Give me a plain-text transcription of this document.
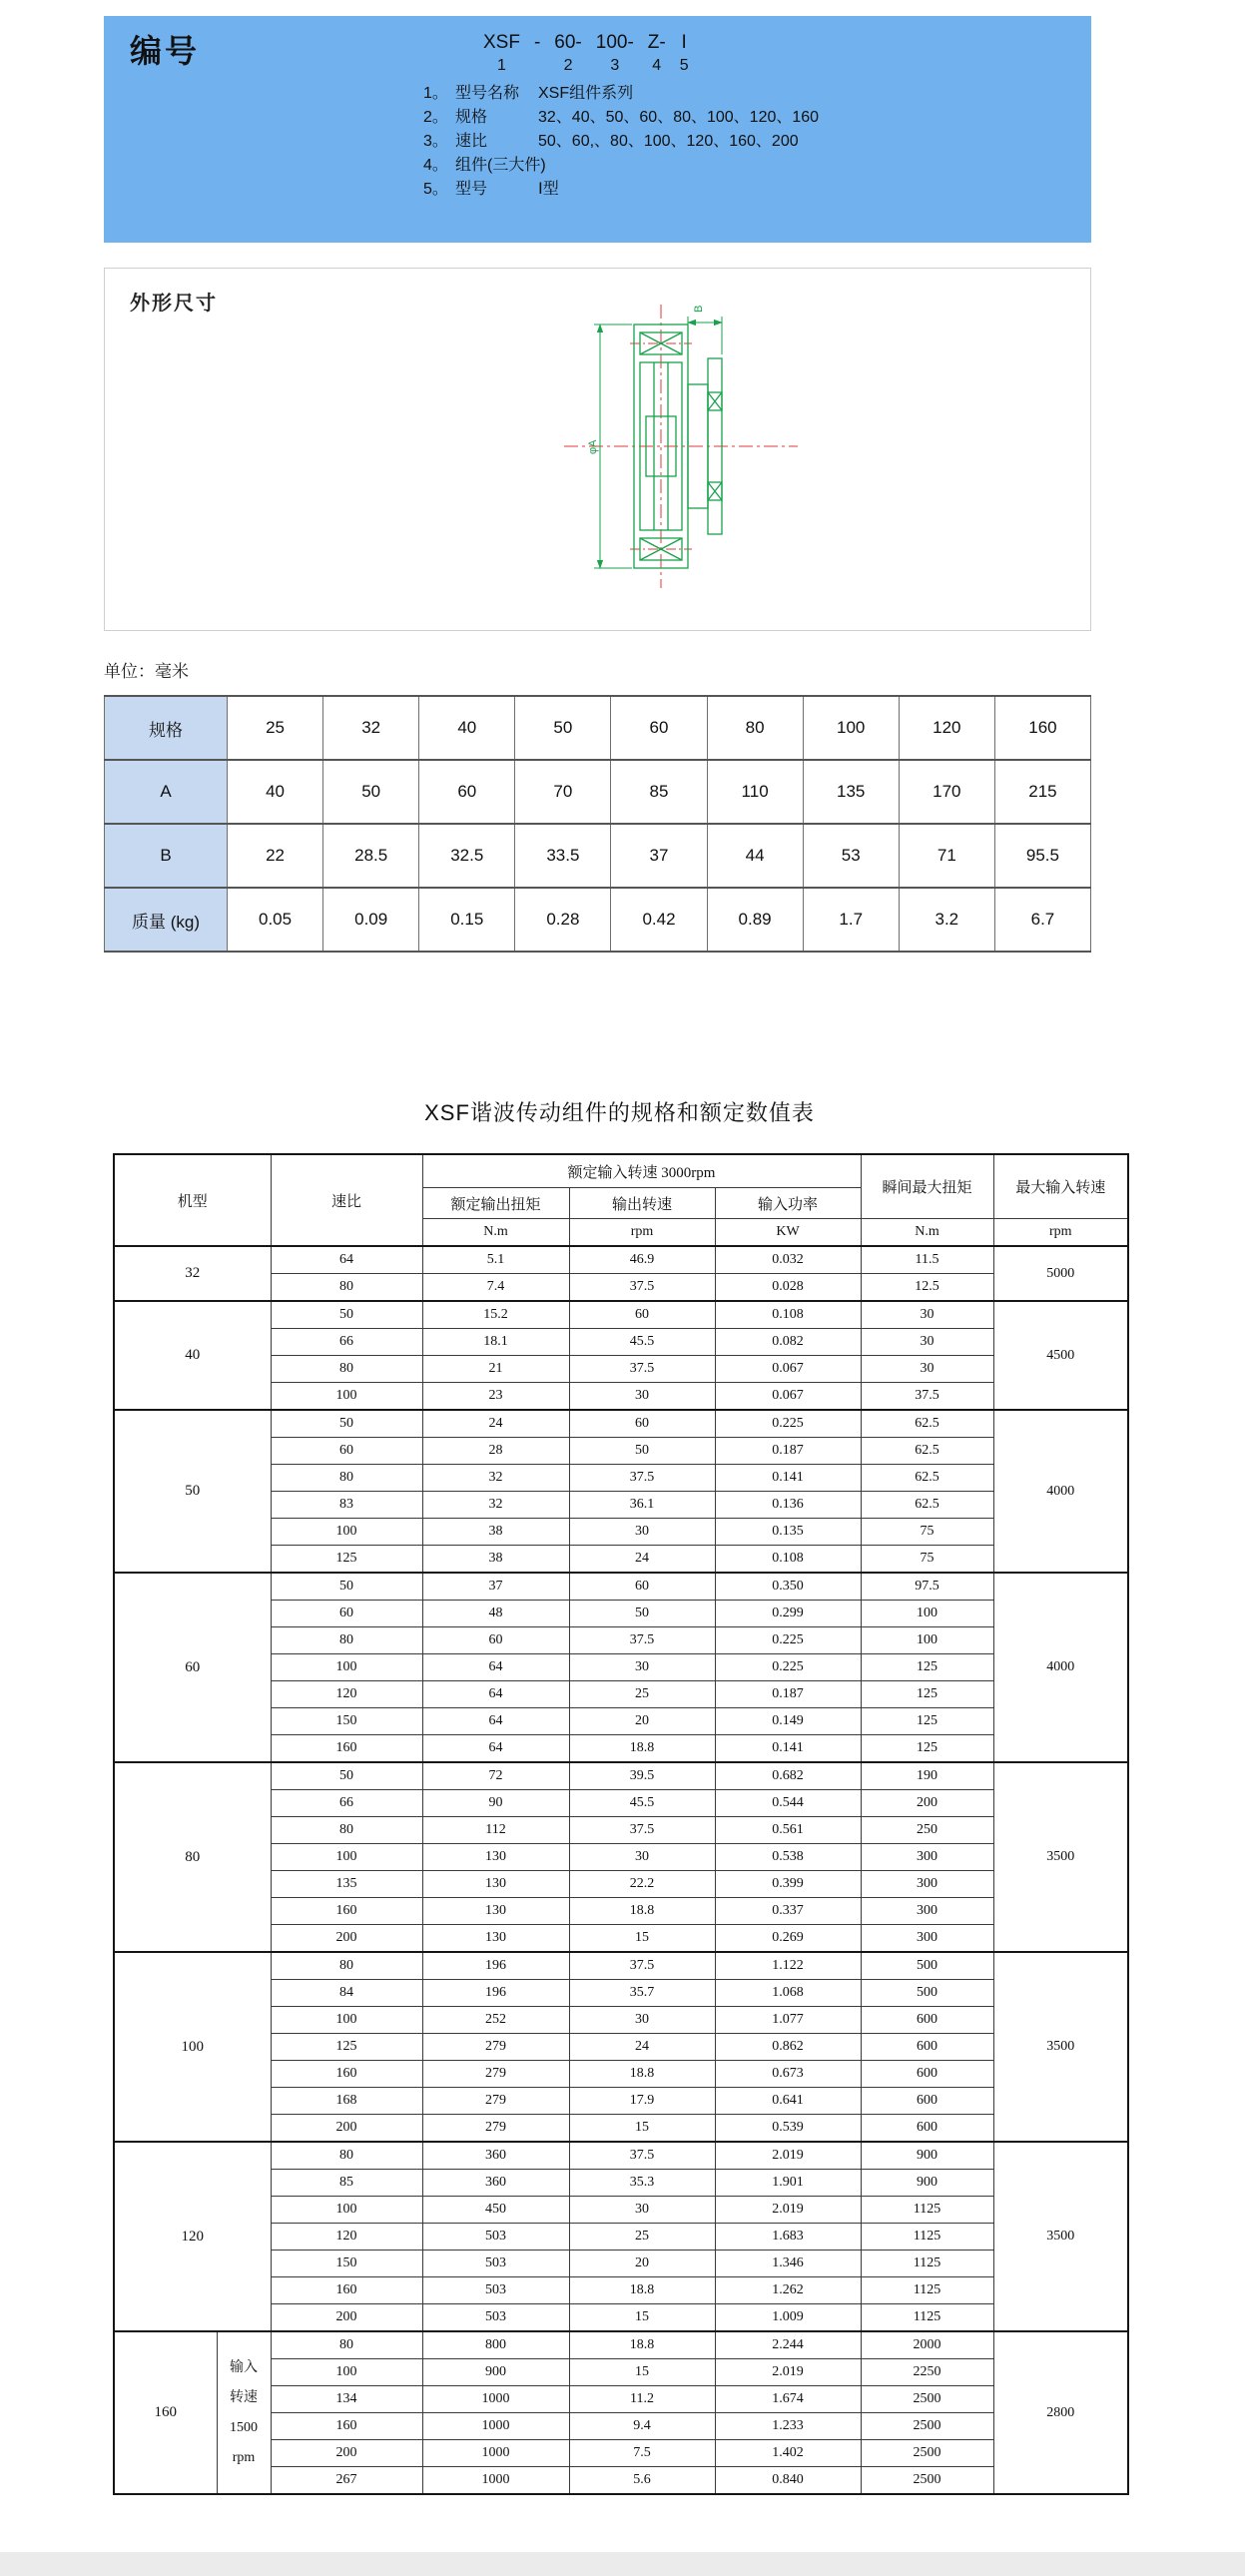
编号	XSF
1
- 60-
2
100-
3
Z-
4
I
5
1。 型号名称	XSF组件系列
2。 规格	32、40、50、60、80、100、120、160
3。 速比	50、60,、80、100、120、160、200
4。 组件(三大件)
5。 型号	Ⅰ型
外形尺寸	B
φA
单位：毫米
规格	25	32	40	50	60	80	100	120	160
A	40	50	60	70	85	110	135	170	215
B	22	28.5	32.5	33.5	37	44	53	71	95.5
质量 (kg)	0.05	0.09	0.15	0.28	0.42	0.89	1.7	3.2	6.7
XSF谐波传动组件的规格和额定数值表
机型		速比	额定输入转速 3000rpm			瞬间最大扭矩	最大输入转速
			额定输出扭矩	输出转速	输入功率		
			N.m	rpm	KW	N.m	rpm
32		64	5.1	46.9	0.032	11.5	5000
		80	7.4	37.5	0.028	12.5	
40		50	15.2	60	0.108	30	4500
		66	18.1	45.5	0.082	30	
		80	21	37.5	0.067	30	
		100	23	30	0.067	37.5	
50		50	24	60	0.225	62.5	4000
		60	28	50	0.187	62.5	
		80	32	37.5	0.141	62.5	
		83	32	36.1	0.136	62.5	
		100	38	30	0.135	75	
		125	38	24	0.108	75	
60		50	37	60	0.350	97.5	4000
		60	48	50	0.299	100	
		80	60	37.5	0.225	100	
		100	64	30	0.225	125	
		120	64	25	0.187	125	
		150	64	20	0.149	125	
		160	64	18.8	0.141	125	
80		50	72	39.5	0.682	190	3500
		66	90	45.5	0.544	200	
		80	112	37.5	0.561	250	
		100	130	30	0.538	300	
		135	130	22.2	0.399	300	
		160	130	18.8	0.337	300	
		200	130	15	0.269	300	
100		80	196	37.5	1.122	500	3500
		84	196	35.7	1.068	500	
		100	252	30	1.077	600	
		125	279	24	0.862	600	
		160	279	18.8	0.673	600	
		168	279	17.9	0.641	600	
		200	279	15	0.539	600	
120		80	360	37.5	2.019	900	3500
		85	360	35.3	1.901	900	
		100	450	30	2.019	1125	
		120	503	25	1.683	1125	
		150	503	20	1.346	1125	
		160	503	18.8	1.262	1125	
		200	503	15	1.009	1125	
160	输入
转速
1500
rpm	80	800	18.8	2.244	2000	2800
		100	900	15	2.019	2250	
		134	1000	11.2	1.674	2500	
		160	1000	9.4	1.233	2500	
		200	1000	7.5	1.402	2500	
		267	1000	5.6	0.840	2500	
